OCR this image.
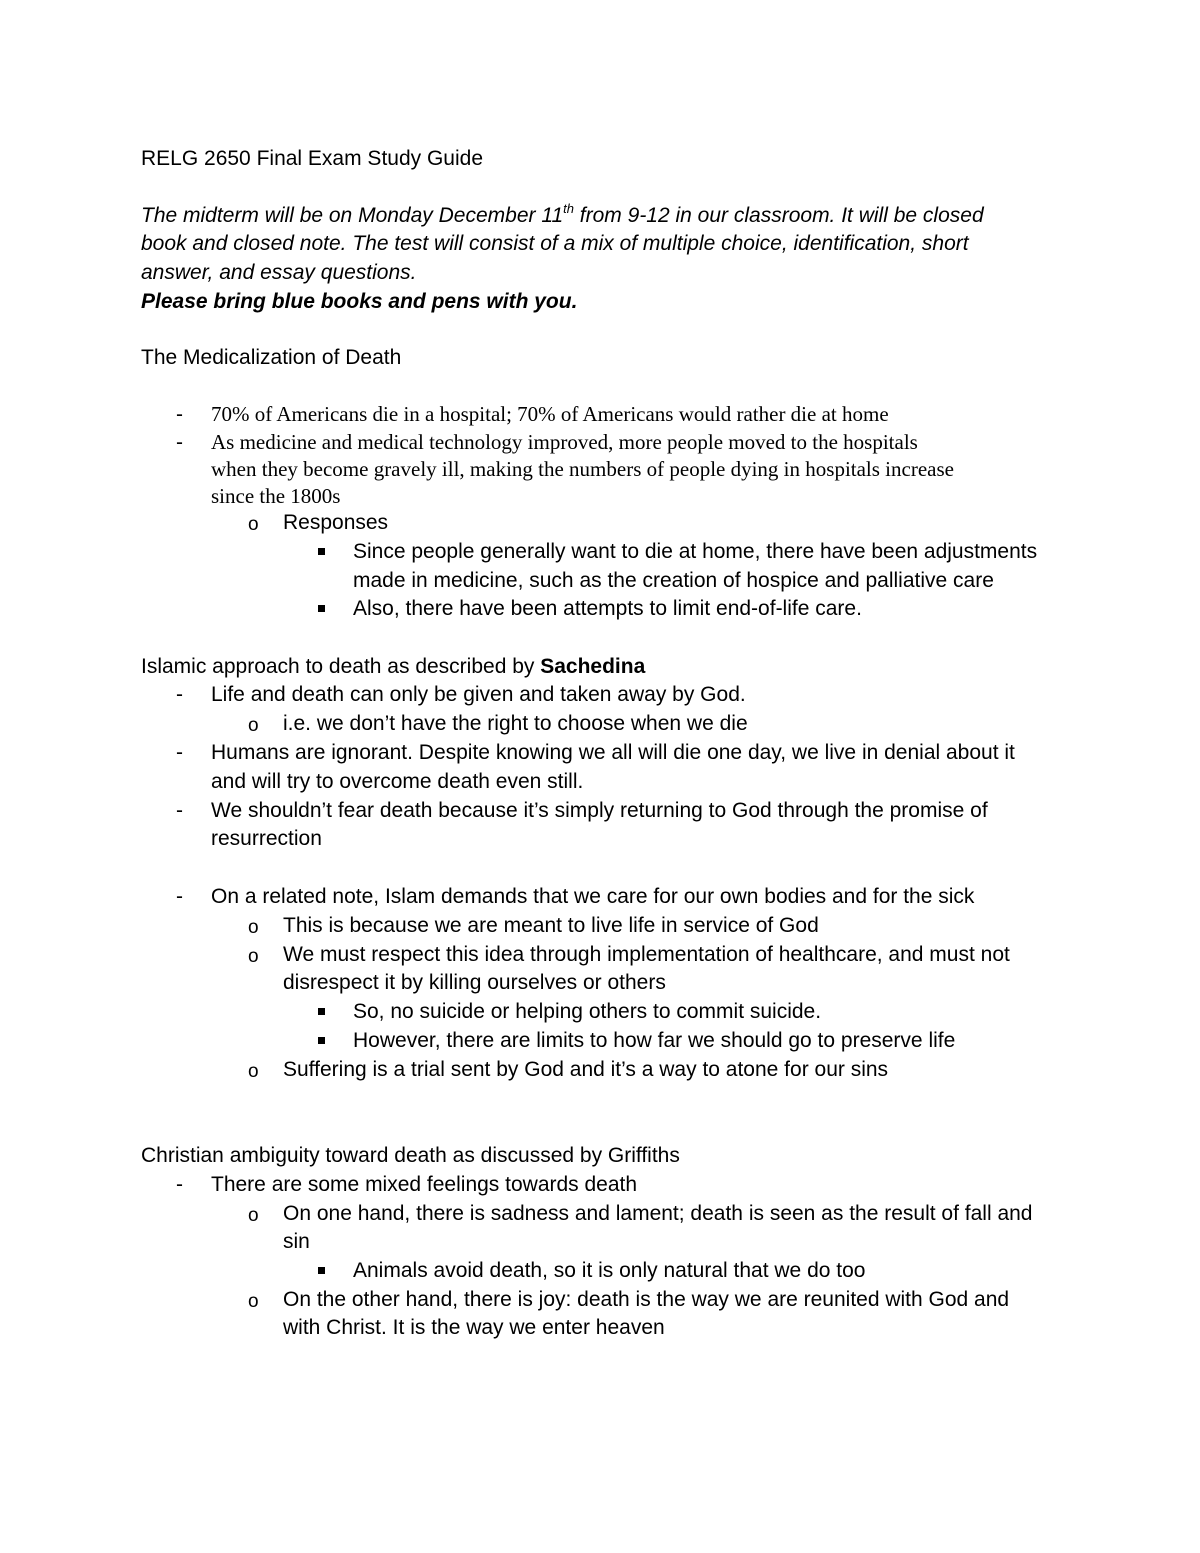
RELG 2650 Final Exam Study Guide
The midterm will be on Monday December 11th from 9-12 in our classroom. It will be closed
book and closed note. The test will consist of a mix of multiple choice, identification, short
answer, and essay questions.
Please bring blue books and pens with you.
The Medicalization of Death
- 70% of Americans die in a hospital; 70% of Americans would rather die at home
- As medicine and medical technology improved, more people moved to the hospitals
when they become gravely ill, making the numbers of people dying in hospitals increase
since the 1800s
o Responses
Since people generally want to die at home, there have been adjustments
made in medicine, such as the creation of hospice and palliative care
Also, there have been attempts to limit end-of-life care.
Islamic approach to death as described by Sachedina
- Life and death can only be given and taken away by God.
o i.e. we don’t have the right to choose when we die
- Humans are ignorant. Despite knowing we all will die one day, we live in denial about it
and will try to overcome death even still.
- We shouldn’t fear death because it’s simply returning to God through the promise of
resurrection
- On a related note, Islam demands that we care for our own bodies and for the sick
o This is because we are meant to live life in service of God
o We must respect this idea through implementation of healthcare, and must not
disrespect it by killing ourselves or others
So, no suicide or helping others to commit suicide.
However, there are limits to how far we should go to preserve life
o Suffering is a trial sent by God and it’s a way to atone for our sins
Christian ambiguity toward death as discussed by Griffiths
- There are some mixed feelings towards death
o On one hand, there is sadness and lament; death is seen as the result of fall and
sin
Animals avoid death, so it is only natural that we do too
o On the other hand, there is joy: death is the way we are reunited with God and
with Christ. It is the way we enter heaven
